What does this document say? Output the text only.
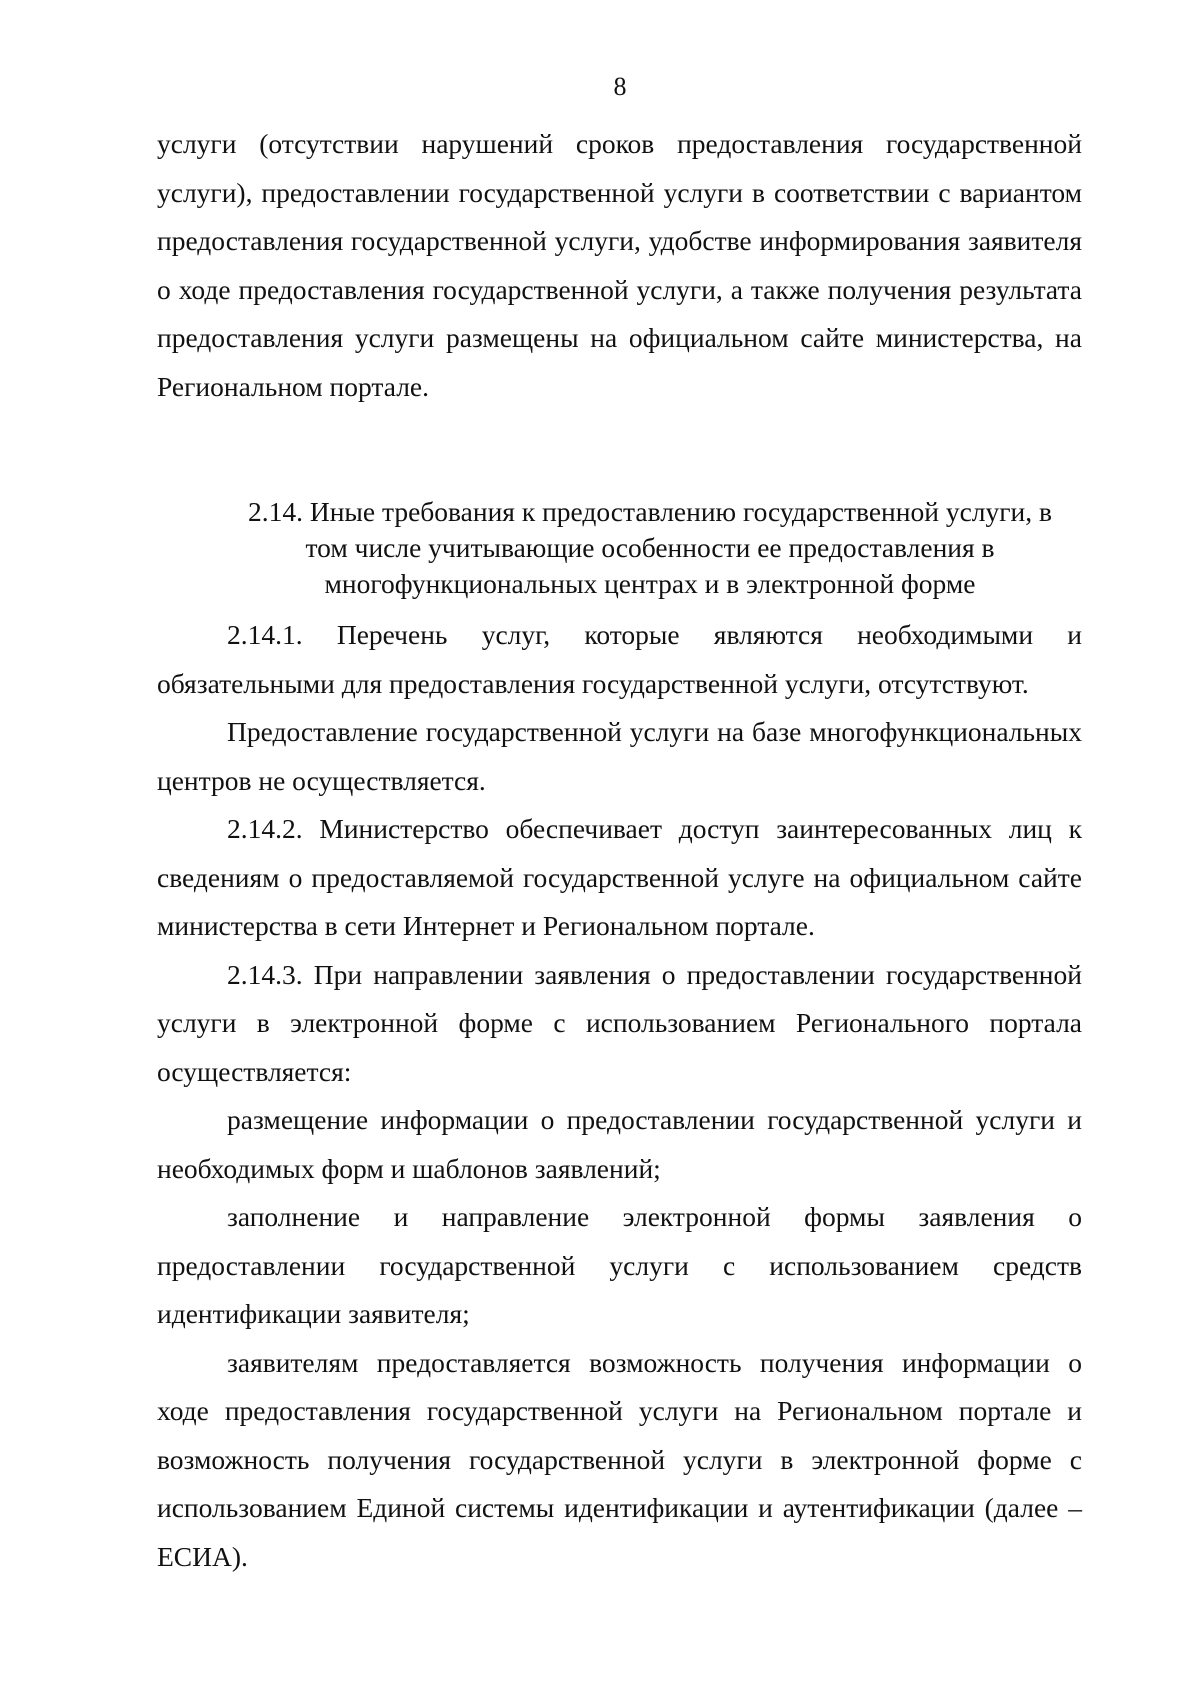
8

услуги (отсутствии нарушений сроков предоставления государственной услуги), предоставлении государственной услуги в соответствии с вариантом предоставления государственной услуги, удобстве информирования заявителя о ходе предоставления государственной услуги, а также получения результата предоставления услуги размещены на официальном сайте министерства, на Региональном портале.

2.14. Иные требования к предоставлению государственной услуги, в
том числе учитывающие особенности ее предоставления в
многофункциональных центрах и в электронной форме

2.14.1. Перечень услуг, которые являются необходимыми и обязательными для предоставления государственной услуги, отсутствуют.

Предоставление государственной услуги на базе многофункциональных центров не осуществляется.

2.14.2. Министерство обеспечивает доступ заинтересованных лиц к сведениям о предоставляемой государственной услуге на официальном сайте министерства в сети Интернет и Региональном портале.

2.14.3. При направлении заявления о предоставлении государственной услуги в электронной форме с использованием Регионального портала осуществляется:

размещение информации о предоставлении государственной услуги и необходимых форм и шаблонов заявлений;

заполнение и направление электронной формы заявления о предоставлении государственной услуги с использованием средств идентификации заявителя;

заявителям предоставляется возможность получения информации о ходе предоставления государственной услуги на Региональном портале и возможность получения государственной услуги в электронной форме с использованием Единой системы идентификации и аутентификации (далее – ЕСИА).
